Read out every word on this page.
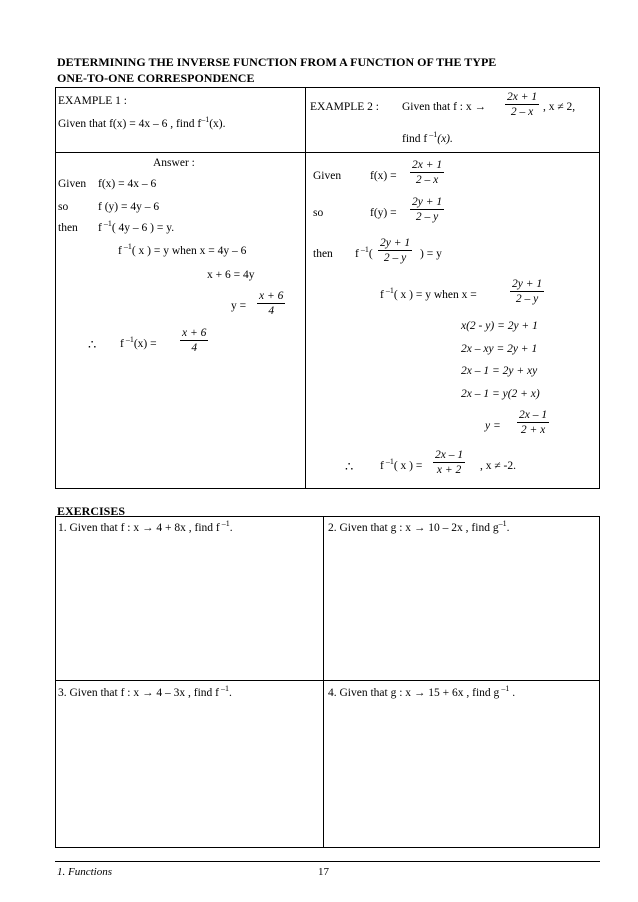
DETERMINING THE INVERSE FUNCTION FROM A FUNCTION OF THE TYPE
ONE-TO-ONE CORRESPONDENCE
EXAMPLE 1 :
Given that f(x) = 4x – 6 , find $f^{-1}(x)$.
EXAMPLE 2 : Given that f : $x \to \frac{2x + 1}{2 - x}$ , x ≠ 2,
find f $^{-1}$(x).
Answer :
Given f(x) = 4x – 6
so	f (y) = 4y – 6
then f $^{-1}$( 4y – 6 ) = y.
f $^{-1}$( x ) = y when x = 4y – 6
x + 6 = 4y
$y = \frac{x + 6}{4}$
∴ f $^{-1}(x) = \frac{x + 6}{4}$
Given	$f(x) = \frac{2x + 1}{2 - x}$
so	$f(y) = \frac{2y + 1}{2 - y}$
then f $^{-1}( \frac{2y + 1}{2 - y}$ ) = y
f $^{-1}$( x ) = y when x =	$\frac{2y + 1}{2 - y}$
x(2 - y) = 2y + 1
2x – xy = 2y + 1
2x – 1 = 2y + xy
2x – 1 = y(2 + x)
$y = \frac{2x - 1}{2 + x}$
∴ f $^{-1}$( x ) = $\frac{2x - 1}{x + 2}$ , x ≠ -2.
EXERCISES
1. Given that f : x → 4 + 8x , find f $^{-1}$.	2. Given that g : x → 10 – 2x , find $g^{-1}$.
3. Given that f : x → 4 – 3x , find f $^{-1}$.	4. Given that g : x → 15 + 6x , find g $^{-1}$ .
1. Functions	17
